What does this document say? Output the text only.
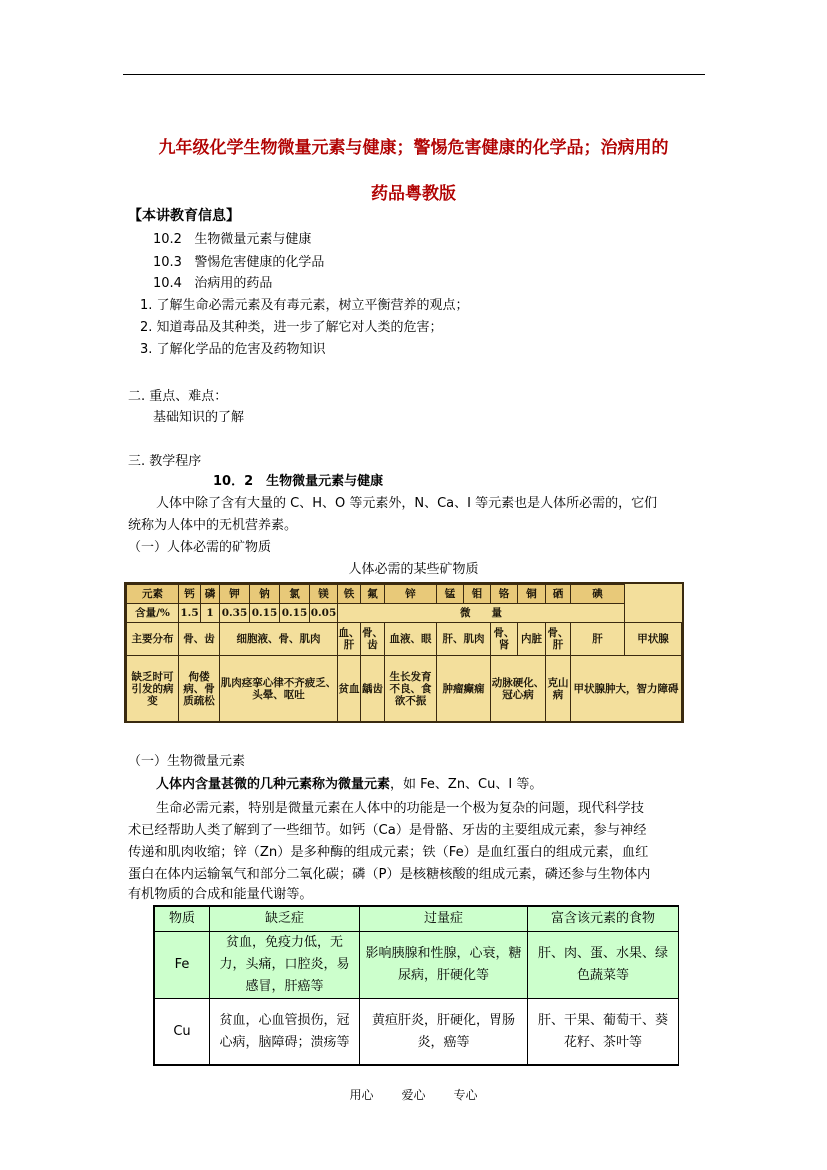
九年级化学生物微量元素与健康；警惕危害健康的化学品；治病用的
药品粤教版
【本讲教育信息】
10.2 生物微量元素与健康
10.3 警惕危害健康的化学品
10.4 治病用的药品
1. 了解生命必需元素及有毒元素，树立平衡营养的观点；
2. 知道毒品及其种类，进一步了解它对人类的危害；
3. 了解化学品的危害及药物知识
二. 重点、难点：
基础知识的了解
三. 教学程序
10．2　生物微量元素与健康
人体中除了含有大量的 C、H、O 等元素外，N、Ca、I 等元素也是人体所必需的，它们
统称为人体中的无机营养素。
（一）人体必需的矿物质
人体必需的某些矿物质
元素	钙	磷	钾	钠	氯	镁	铁	氟	锌	锰	钼	铬	铜	硒	碘	
含量/%	1.5	1	0.35	0.15	0.15	0.05	微　　量									
主要分布	骨、齿		细胞液、骨、肌肉				血、肝	骨、齿	血液、眼	肝、肌肉		骨、肾	内脏	骨、肝	肝	甲状腺
缺乏时可引发的病变	佝偻病、骨质疏松		肌肉痉挛心律不齐疲乏、头晕、呕吐				贫血	龋齿	生长发育不良、食欲不振	肿瘤癫痫		动脉硬化、冠心病		克山病	甲状腺肿大，智力障碍	
（一）生物微量元素
人体内含量甚微的几种元素称为微量元素，如 Fe、Zn、Cu、I 等。
生命必需元素，特别是微量元素在人体中的功能是一个极为复杂的问题，现代科学技
术已经帮助人类了解到了一些细节。如钙（Ca）是骨骼、牙齿的主要组成元素，参与神经
传递和肌肉收缩；锌（Zn）是多种酶的组成元素；铁（Fe）是血红蛋白的组成元素，血红
蛋白在体内运输氧气和部分二氧化碳；磷（P）是核糖核酸的组成元素，磷还参与生物体内
有机物质的合成和能量代谢等。
物质	缺乏症	过量症	富含该元素的食物
Fe	贫血，免疫力低，无力，头痛，口腔炎，易感冒，肝癌等	影响胰腺和性腺，心衰，糖尿病，肝硬化等	肝、肉、蛋、水果、绿色蔬菜等
Cu	贫血，心血管损伤，冠心病，脑障碍；溃疡等	黄疸肝炎，肝硬化，胃肠炎，癌等	肝、干果、葡萄干、葵花籽、茶叶等
用心 爱心 专心
